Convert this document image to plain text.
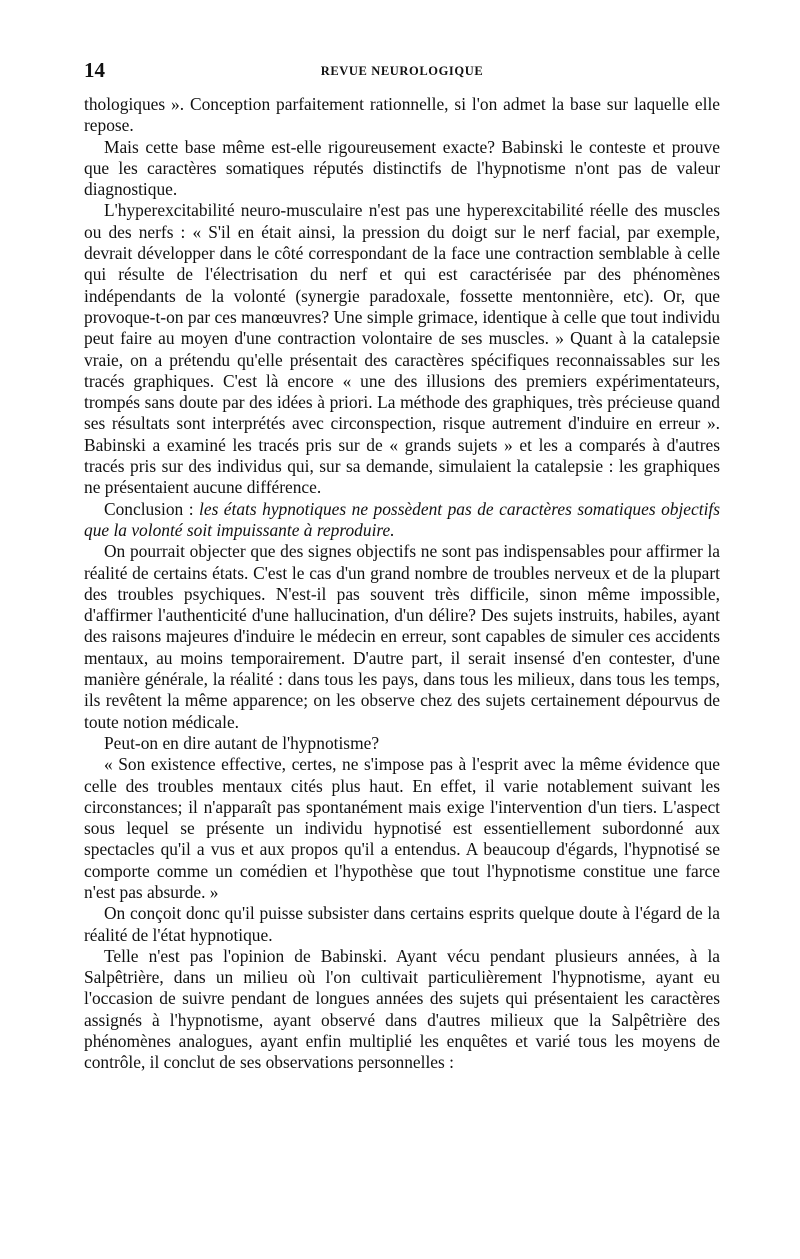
14	REVUE NEUROLOGIQUE

thologiques ». Conception parfaitement rationnelle, si l'on admet la base sur laquelle elle repose.

Mais cette base même est-elle rigoureusement exacte? Babinski le conteste et prouve que les caractères somatiques réputés distinctifs de l'hypnotisme n'ont pas de valeur diagnostique.

L'hyperexcitabilité neuro-musculaire n'est pas une hyperexcitabilité réelle des muscles ou des nerfs : « S'il en était ainsi, la pression du doigt sur le nerf facial, par exemple, devrait développer dans le côté correspondant de la face une contraction semblable à celle qui résulte de l'électrisation du nerf et qui est caractérisée par des phénomènes indépendants de la volonté (synergie paradoxale, fossette mentonnière, etc). Or, que provoque-t-on par ces manœuvres? Une simple grimace, identique à celle que tout individu peut faire au moyen d'une contraction volontaire de ses muscles. » Quant à la catalepsie vraie, on a prétendu qu'elle présentait des caractères spécifiques reconnaissables sur les tracés graphiques. C'est là encore « une des illusions des premiers expérimentateurs, trompés sans doute par des idées à priori. La méthode des graphiques, très précieuse quand ses résultats sont interprétés avec circonspection, risque autrement d'induire en erreur ». Babinski a examiné les tracés pris sur de « grands sujets » et les a comparés à d'autres tracés pris sur des individus qui, sur sa demande, simulaient la catalepsie : les graphiques ne présentaient aucune différence.

Conclusion : les états hypnotiques ne possèdent pas de caractères somatiques objectifs que la volonté soit impuissante à reproduire.

On pourrait objecter que des signes objectifs ne sont pas indispensables pour affirmer la réalité de certains états. C'est le cas d'un grand nombre de troubles nerveux et de la plupart des troubles psychiques. N'est-il pas souvent très difficile, sinon même impossible, d'affirmer l'authenticité d'une hallucination, d'un délire? Des sujets instruits, habiles, ayant des raisons majeures d'induire le médecin en erreur, sont capables de simuler ces accidents mentaux, au moins temporairement. D'autre part, il serait insensé d'en contester, d'une manière générale, la réalité : dans tous les pays, dans tous les milieux, dans tous les temps, ils revêtent la même apparence; on les observe chez des sujets certainement dépourvus de toute notion médicale.

Peut-on en dire autant de l'hypnotisme?

« Son existence effective, certes, ne s'impose pas à l'esprit avec la même évidence que celle des troubles mentaux cités plus haut. En effet, il varie notablement suivant les circonstances; il n'apparaît pas spontanément mais exige l'intervention d'un tiers. L'aspect sous lequel se présente un individu hypnotisé est essentiellement subordonné aux spectacles qu'il a vus et aux propos qu'il a entendus. A beaucoup d'égards, l'hypnotisé se comporte comme un comédien et l'hypothèse que tout l'hypnotisme constitue une farce n'est pas absurde. »

On conçoit donc qu'il puisse subsister dans certains esprits quelque doute à l'égard de la réalité de l'état hypnotique.

Telle n'est pas l'opinion de Babinski. Ayant vécu pendant plusieurs années, à la Salpêtrière, dans un milieu où l'on cultivait particulièrement l'hypnotisme, ayant eu l'occasion de suivre pendant de longues années des sujets qui présentaient les caractères assignés à l'hypnotisme, ayant observé dans d'autres milieux que la Salpêtrière des phénomènes analogues, ayant enfin multiplié les enquêtes et varié tous les moyens de contrôle, il conclut de ses observations personnelles :
